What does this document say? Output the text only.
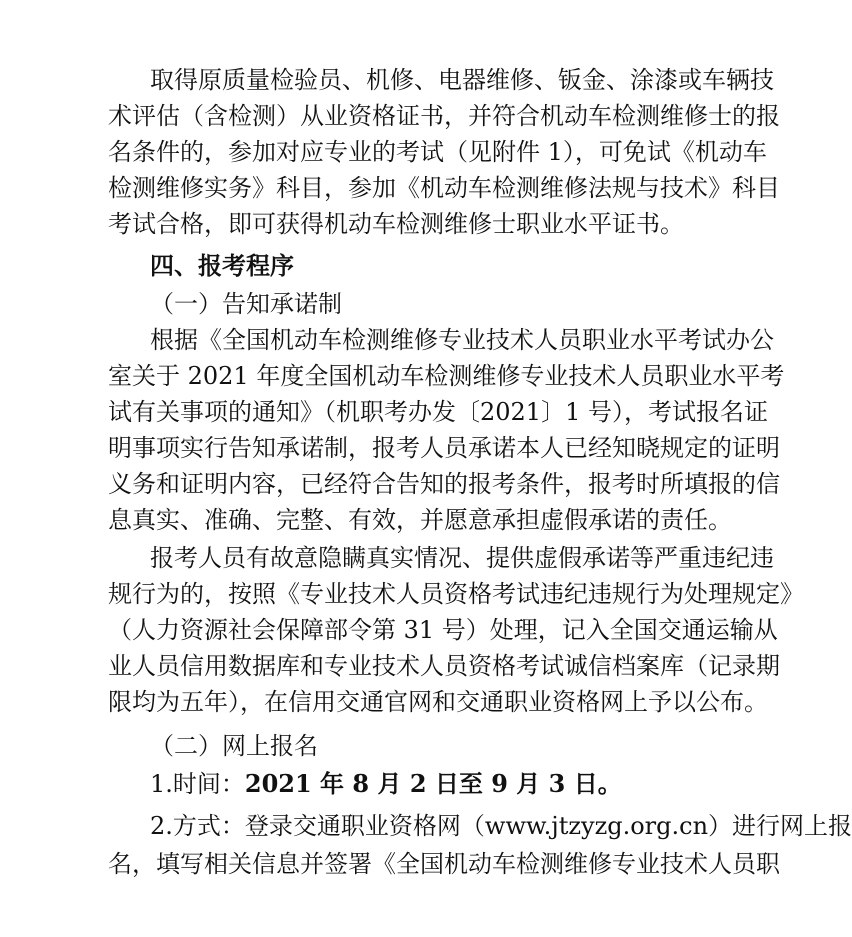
取得原质量检验员、机修、电器维修、钣金、涂漆或车辆技
术评估（含检测）从业资格证书，并符合机动车检测维修士的报
名条件的，参加对应专业的考试（见附件 1），可免试《机动车
检测维修实务》科目，参加《机动车检测维修法规与技术》科目
考试合格，即可获得机动车检测维修士职业水平证书。
四、报考程序
（一）告知承诺制
根据《全国机动车检测维修专业技术人员职业水平考试办公
室关于 2021 年度全国机动车检测维修专业技术人员职业水平考
试有关事项的通知》（机职考办发〔2021〕1 号），考试报名证
明事项实行告知承诺制，报考人员承诺本人已经知晓规定的证明
义务和证明内容，已经符合告知的报考条件，报考时所填报的信
息真实、准确、完整、有效，并愿意承担虚假承诺的责任。
报考人员有故意隐瞒真实情况、提供虚假承诺等严重违纪违
规行为的，按照《专业技术人员资格考试违纪违规行为处理规定》
（人力资源社会保障部令第 31 号）处理，记入全国交通运输从
业人员信用数据库和专业技术人员资格考试诚信档案库（记录期
限均为五年），在信用交通官网和交通职业资格网上予以公布。
（二）网上报名
1.时间：2021 年 8 月 2 日至 9 月 3 日。
2.方式：登录交通职业资格网（www.jtzyzg.org.cn）进行网上报
名，填写相关信息并签署《全国机动车检测维修专业技术人员职
